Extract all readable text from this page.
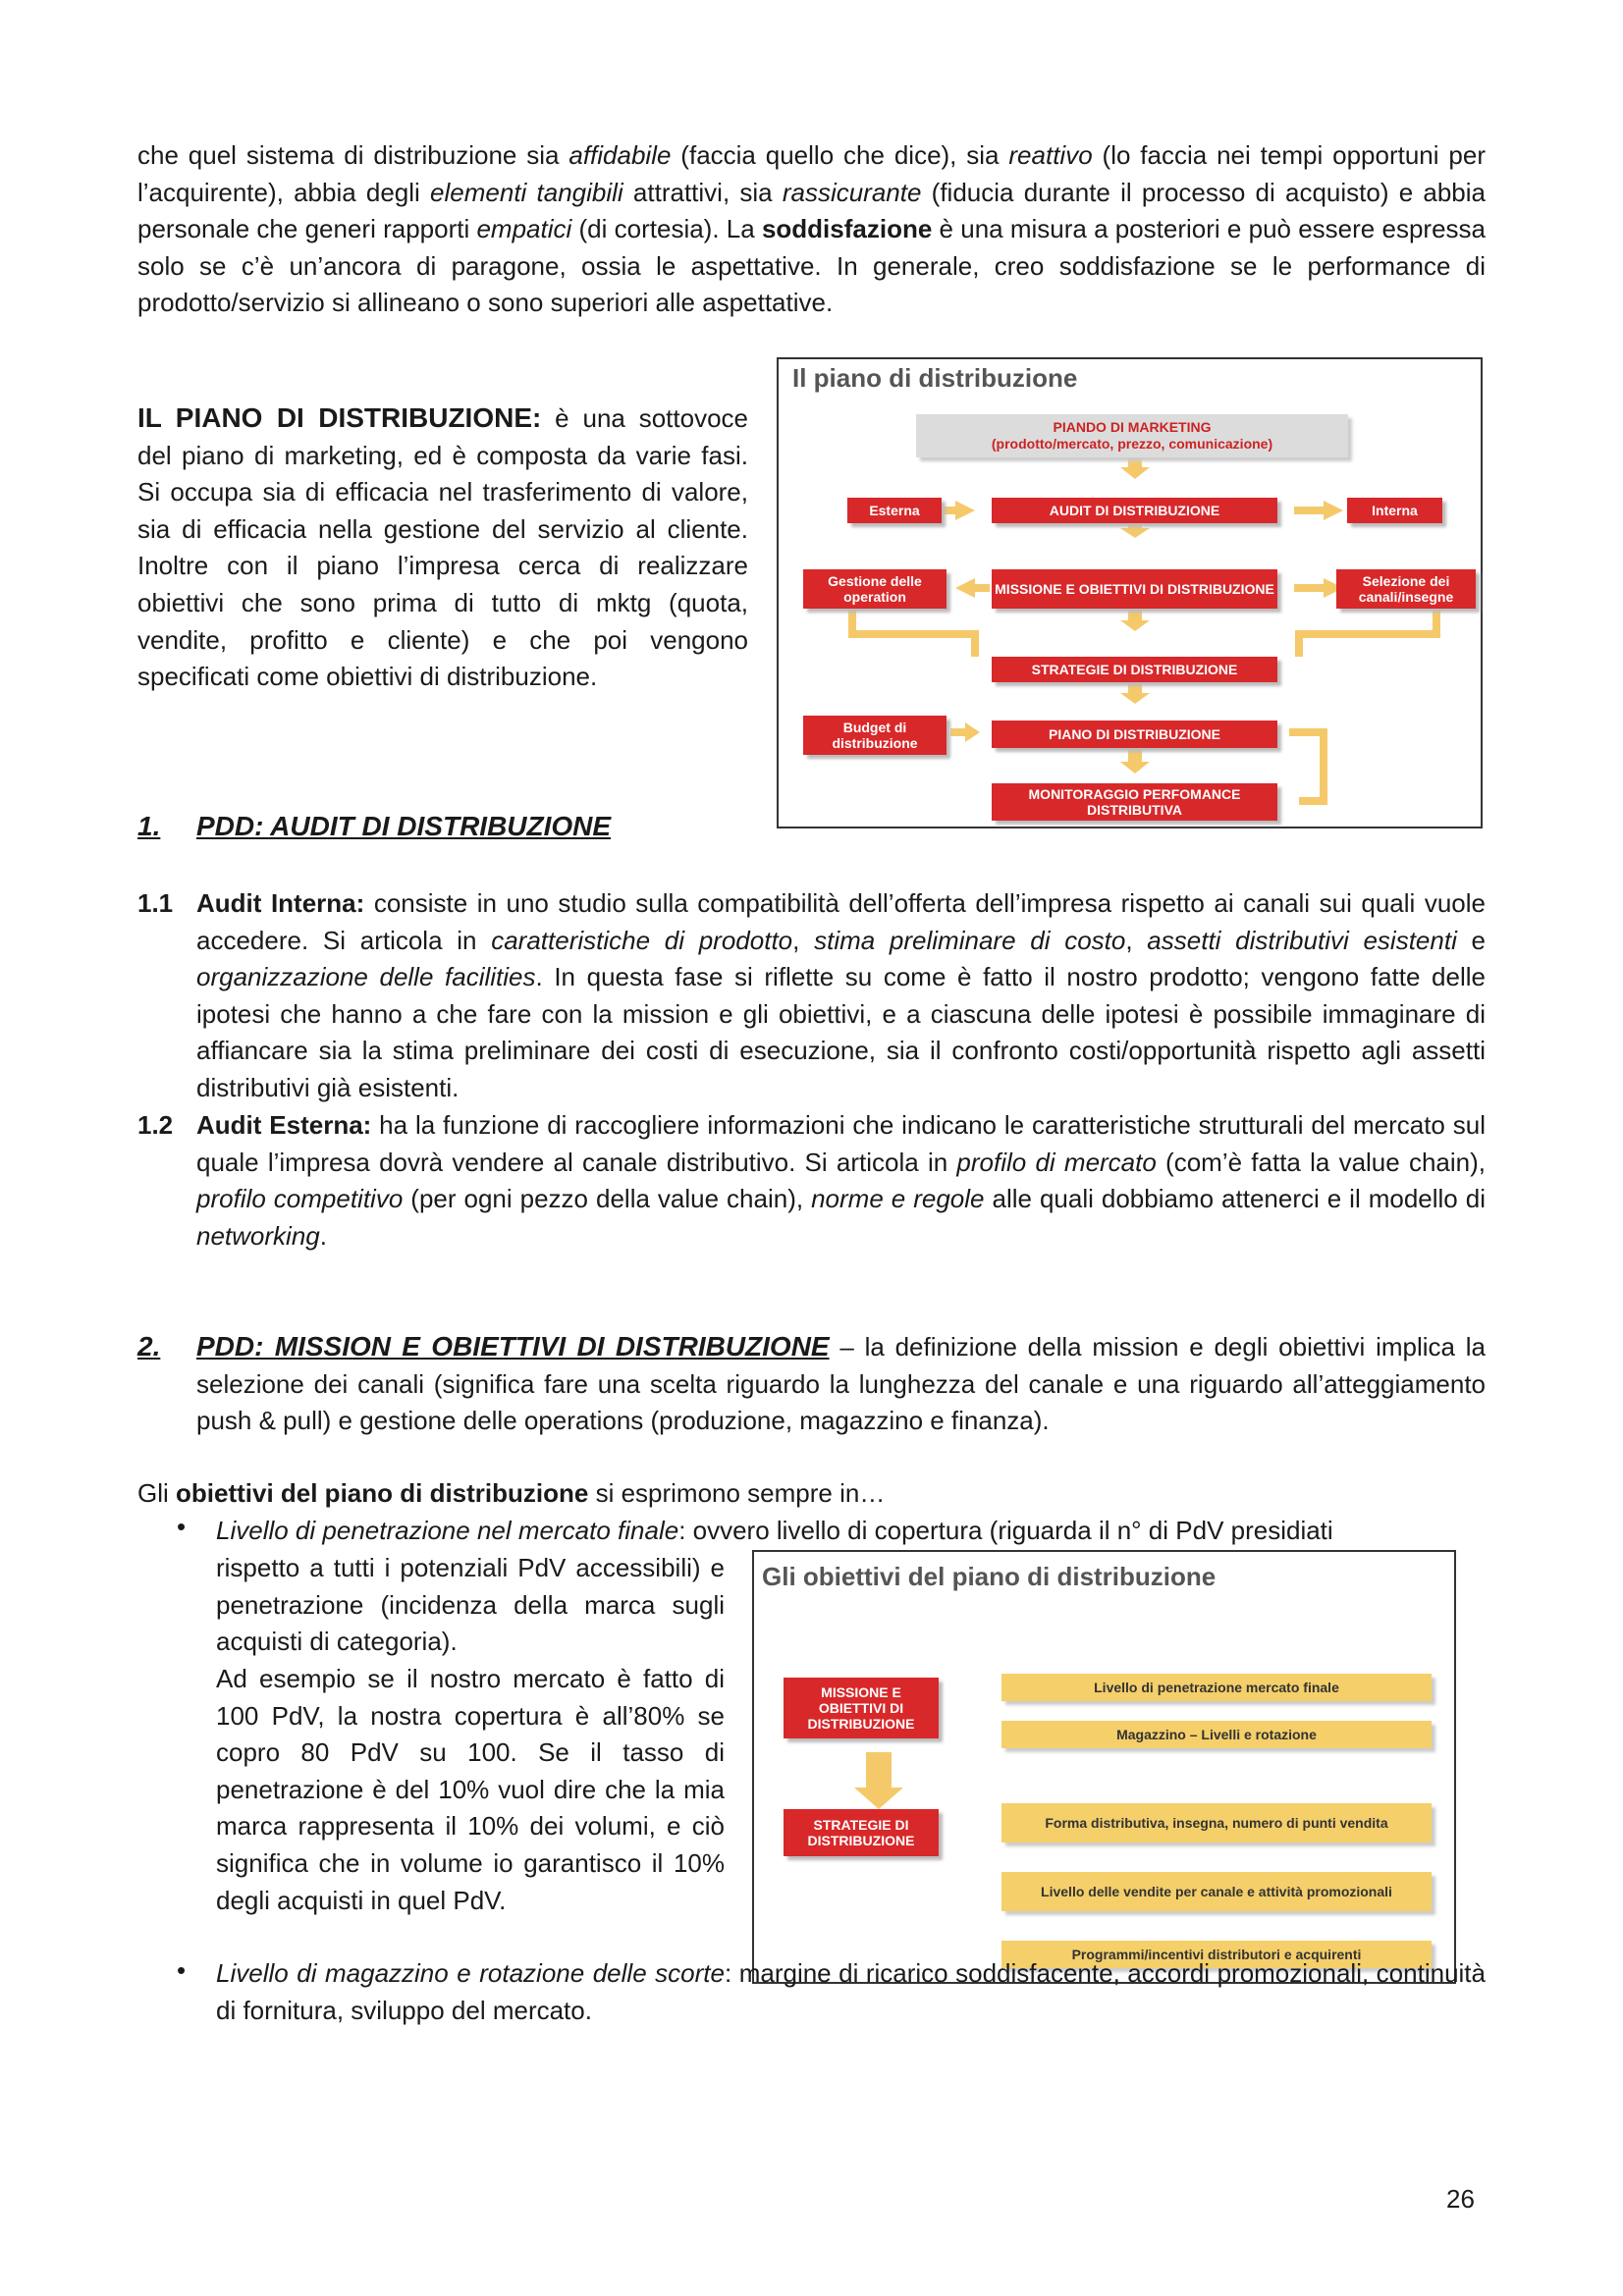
che quel sistema di distribuzione sia affidabile (faccia quello che dice), sia reattivo (lo faccia nei tempi opportuni per l’acquirente), abbia degli elementi tangibili attrattivi, sia rassicurante (fiducia durante il processo di acquisto) e abbia personale che generi rapporti empatici (di cortesia). La soddisfazione è una misura a posteriori e può essere espressa solo se c’è un’ancora di paragone, ossia le aspettative. In generale, creo soddisfazione se le performance di prodotto/servizio si allineano o sono superiori alle aspettative.
IL PIANO DI DISTRIBUZIONE: è una sottovoce del piano di marketing, ed è composta da varie fasi. Si occupa sia di efficacia nel trasferimento di valore, sia di efficacia nella gestione del servizio al cliente. Inoltre con il piano l’impresa cerca di realizzare obiettivi che sono prima di tutto di mktg (quota, vendite, profitto e cliente) e che poi vengono specificati come obiettivi di distribuzione.
Il piano di distribuzione
PIANDO DI MARKETING
(prodotto/mercato, prezzo, comunicazione)
Esterna	AUDIT DI DISTRIBUZIONE	Interna
Gestione delle operation	MISSIONE E OBIETTIVI DI DISTRIBUZIONE	Selezione dei canali/insegne
STRATEGIE DI DISTRIBUZIONE
Budget di distribuzione
PIANO DI DISTRIBUZIONE
MONITORAGGIO PERFOMANCE DISTRIBUTIVA
1. PDD: AUDIT DI DISTRIBUZIONE
1.1 Audit Interna: consiste in uno studio sulla compatibilità dell’offerta dell’impresa rispetto ai canali sui quali vuole accedere. Si articola in caratteristiche di prodotto, stima preliminare di costo, assetti distributivi esistenti e organizzazione delle facilities. In questa fase si riflette su come è fatto il nostro prodotto; vengono fatte delle ipotesi che hanno a che fare con la mission e gli obiettivi, e a ciascuna delle ipotesi è possibile immaginare di affiancare sia la stima preliminare dei costi di esecuzione, sia il confronto costi/opportunità rispetto agli assetti distributivi già esistenti.
1.2 Audit Esterna: ha la funzione di raccogliere informazioni che indicano le caratteristiche strutturali del mercato sul quale l’impresa dovrà vendere al canale distributivo. Si articola in profilo di mercato (com’è fatta la value chain), profilo competitivo (per ogni pezzo della value chain), norme e regole alle quali dobbiamo attenerci e il modello di networking.
2. PDD: MISSION E OBIETTIVI DI DISTRIBUZIONE – la definizione della mission e degli obiettivi implica la selezione dei canali (significa fare una scelta riguardo la lunghezza del canale e una riguardo all’atteggiamento push & pull) e gestione delle operations (produzione, magazzino e finanza).
Gli obiettivi del piano di distribuzione si esprimono sempre in…
• Livello di penetrazione nel mercato finale: ovvero livello di copertura (riguarda il n° di PdV presidiati
•
Gli obiettivi del piano di distribuzione
MISSIONE E OBIETTIVI DI DISTRIBUZIONE
STRATEGIE DI DISTRIBUZIONE
Livello di penetrazione mercato finale
Magazzino – Livelli e rotazione
Forma distributiva, insegna, numero di punti vendita
Livello delle vendite per canale e attività promozionali
Programmi/incentivi distributori e acquirenti
rispetto a tutti i potenziali PdV accessibili) e penetrazione (incidenza della marca sugli acquisti di categoria).
Ad esempio se il nostro mercato è fatto di 100 PdV, la nostra copertura è all’80% se copro 80 PdV su 100. Se il tasso di penetrazione è del 10% vuol dire che la mia marca rappresenta il 10% dei volumi, e ciò significa che in volume io garantisco il 10% degli acquisti in quel PdV.
Livello di magazzino e rotazione delle scorte: margine di ricarico soddisfacente, accordi promozionali, continuità di fornitura, sviluppo del mercato.
26
